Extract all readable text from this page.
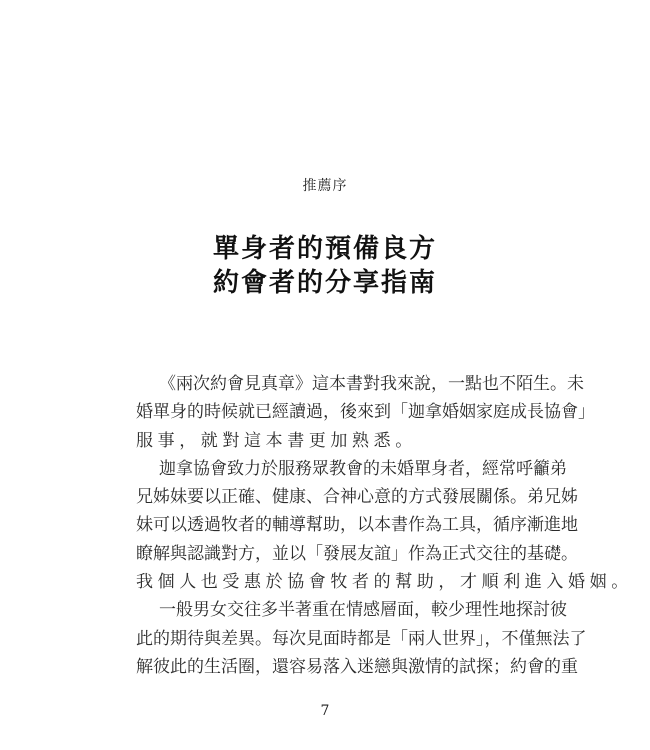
推薦序
單身者的預備良方
約會者的分享指南
《兩次約會見真章》這本書對我來說，一點也不陌生。未
婚單身的時候就已經讀過，後來到「迦拿婚姻家庭成長協會」
服事，就對這本書更加熟悉。
迦拿協會致力於服務眾教會的未婚單身者，經常呼籲弟
兄姊妹要以正確、健康、合神心意的方式發展關係。弟兄姊
妹可以透過牧者的輔導幫助，以本書作為工具，循序漸進地
瞭解與認識對方，並以「發展友誼」作為正式交往的基礎。
我個人也受惠於協會牧者的幫助，才順利進入婚姻。
一般男女交往多半著重在情感層面，較少理性地探討彼
此的期待與差異。每次見面時都是「兩人世界」，不僅無法了
解彼此的生活圈，還容易落入迷戀與激情的試探；約會的重
7
